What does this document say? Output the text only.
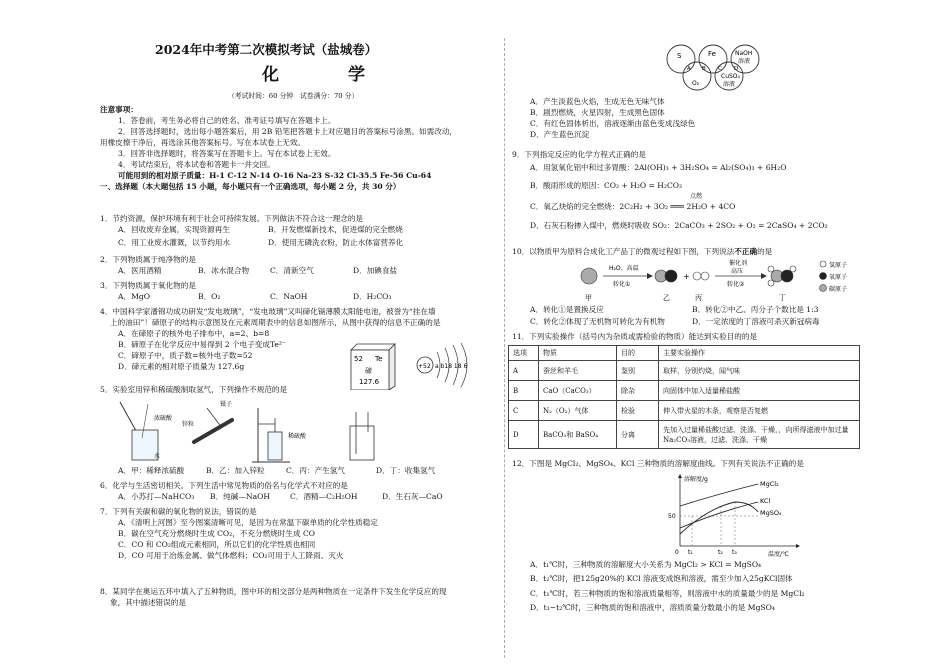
2024年中考第二次模拟考试（盐城卷）
化　学
（考试时间：60 分钟　试卷满分：70 分）
注意事项：
1．答卷前，考生务必将自己的姓名、准考证号填写在答题卡上。
2．回答选择题时，选出每小题答案后，用 2B 铅笔把答题卡上对应题目的答案标号涂黑。如需改动，
用橡皮擦干净后，再选涂其他答案标号。写在本试卷上无效。
3．回答非选择题时，将答案写在答题卡上。写在本试卷上无效。
4．考试结束后，将本试卷和答题卡一并交回。
可能用到的相对原子质量：H-1 C-12 N-14 O-16 Na-23 S-32 Cl-35.5 Fe-56 Cu-64
一、选择题（本大题包括 15 小题，每小题只有一个正确选项，每小题 2 分，共 30 分）
1．节约资源，保护环境有利于社会可持续发展。下列做法不符合这一理念的是
A．回收废弃金属，实现资源再生	B．开发燃煤新技术，促进煤的完全燃烧
C．用工业废水灌溉，以节约用水	D．使用无磷洗衣粉，防止水体富营养化
2．下列物质属于纯净物的是
A．医用酒精	B．冰水混合物	C．清新空气	D．加碘食盐
3．下列物质属于氧化物的是
A．MgO	B．O₂	C．NaOH	D．H₂CO₃
4．中国科学家潘锦功成功研发“发电玻璃”，“发电玻璃”又叫碲化镉薄膜太阳能电池，被誉为“挂在墙
上的油田”！碲原子的结构示意图及在元素周期表中的信息如图所示，从图中获得的信息不正确的是
A．在碲原子的核外电子排布中，a=2、b=8
B．碲原子在化学反应中易得到 2 个电子变成Te²⁻
C．碲原子中，质子数=核外电子数=52
D．碲元素的相对原子质量为 127.6g
52 Te
碲
127.6
+52 a b18 18 6
5．实验室用锌和稀硫酸制取氢气，下列操作不规范的是
浓硫酸
水
镊子
锌粒
稀硫酸
A．甲：稀释浓硫酸	B．乙：加入锌粒	C．丙：产生氢气	D．丁：收集氢气
6．化学与生活密切相关。下列生活中常见物质的俗名与化学式不对应的是
A．小苏打—NaHCO₃ B．纯碱—NaOH	C．酒精—C₂H₅OH	D．生石灰—CaO
7．下列有关碳和碳的氧化物的说法，错误的是
A．《清明上河图》至今图案清晰可见，是因为在常温下碳单质的化学性质稳定
B．碳在空气充分燃烧时生成 CO₂，不充分燃烧时生成 CO
C．CO 和 CO₂组成元素相同，所以它们的化学性质也相同
D．CO 可用于冶炼金属、做气体燃料；CO₂可用于人工降雨、灭火
8．某同学在奥运五环中填入了五种物质，图中环的相交部分是两种物质在一定条件下发生化学反应的现
象，其中描述错误的是
S	Fe	NaOH
溶液
O₂
CuSO₄
溶液
A B C D
A．产生淡蓝色火焰，生成无色无味气体
B．剧烈燃烧，火星四射，生成黑色固体
C．有红色固体析出，溶液逐渐由蓝色变成浅绿色
D．产生蓝色沉淀
9．下列指定反应的化学方程式正确的是
A．用氢氧化铝中和过多胃酸：2Al(OH)₃ + 3H₂SO₄ = Al₂(SO₄)₃ + 6H₂O
B．酸雨形成的原因：CO₂ + H₂O = H₂CO₃
C．氧乙炔焰的完全燃烧：2C₂H₂ + 3O₂ ═══ 2H₂O + 4CO
点燃
D．石灰石粉掺入煤中，燃烧时吸收 SO₂：2CaCO₃ + 2SO₂ + O₂ = 2CaSO₄ + 2CO₂
10．以物质甲为原料合成化工产品丁的微观过程如下图，下列说法不正确的是
甲
H₂O、高温
转化①
+
乙	丙
催化剂
高压
转化②
丁
氢原子
氧原子
碳原子
A．转化①是置换反应	B．转化②中乙、丙分子个数比是 1:3
C．转化②体现了无机物可转化为有机物	D．一定浓度的丁溶液可杀灭新冠病毒
11．下列实验操作（括号内为杂质或需检验的物质）能达到实验目的的是
选项	物质	目的	主要实验操作
A	蚕丝和羊毛	鉴别	取样，分别灼烧，闻气味
B	CaO（CaCO₃）	除杂	向固体中加入适量稀盐酸
C	N₂（O₂）气体	检验	伸入带火星的木条，观察是否复燃
D	BaCO₃和 BaSO₄	分离	先加入过量稀盐酸过滤、洗涤、干燥，，向所得滤液中加过量 Na₂CO₃溶液，过滤、洗涤、干燥
12．下图是 MgCl₂、MgSO₄、KCl 三种物质的溶解度曲线。下列有关说法不正确的是
溶解度/g
温度/℃
50
0 t₁	t₂ t₃
MgCl₂
KCl
MgSO₄
A．t₁℃时，三种物质的溶解度大小关系为 MgCl₂ > KCl = MgSO₄
B．t₂℃时，把125g20%的 KCl 溶液变成饱和溶液，需至少加入25gKCl固体
C．t₁℃时，若三种物质的饱和溶液质量相等，则溶液中水的质量最少的是 MgCl₂
D．t₁~t₂℃时，三种物质的饱和溶液中，溶质质量分数最小的是 MgSO₄
